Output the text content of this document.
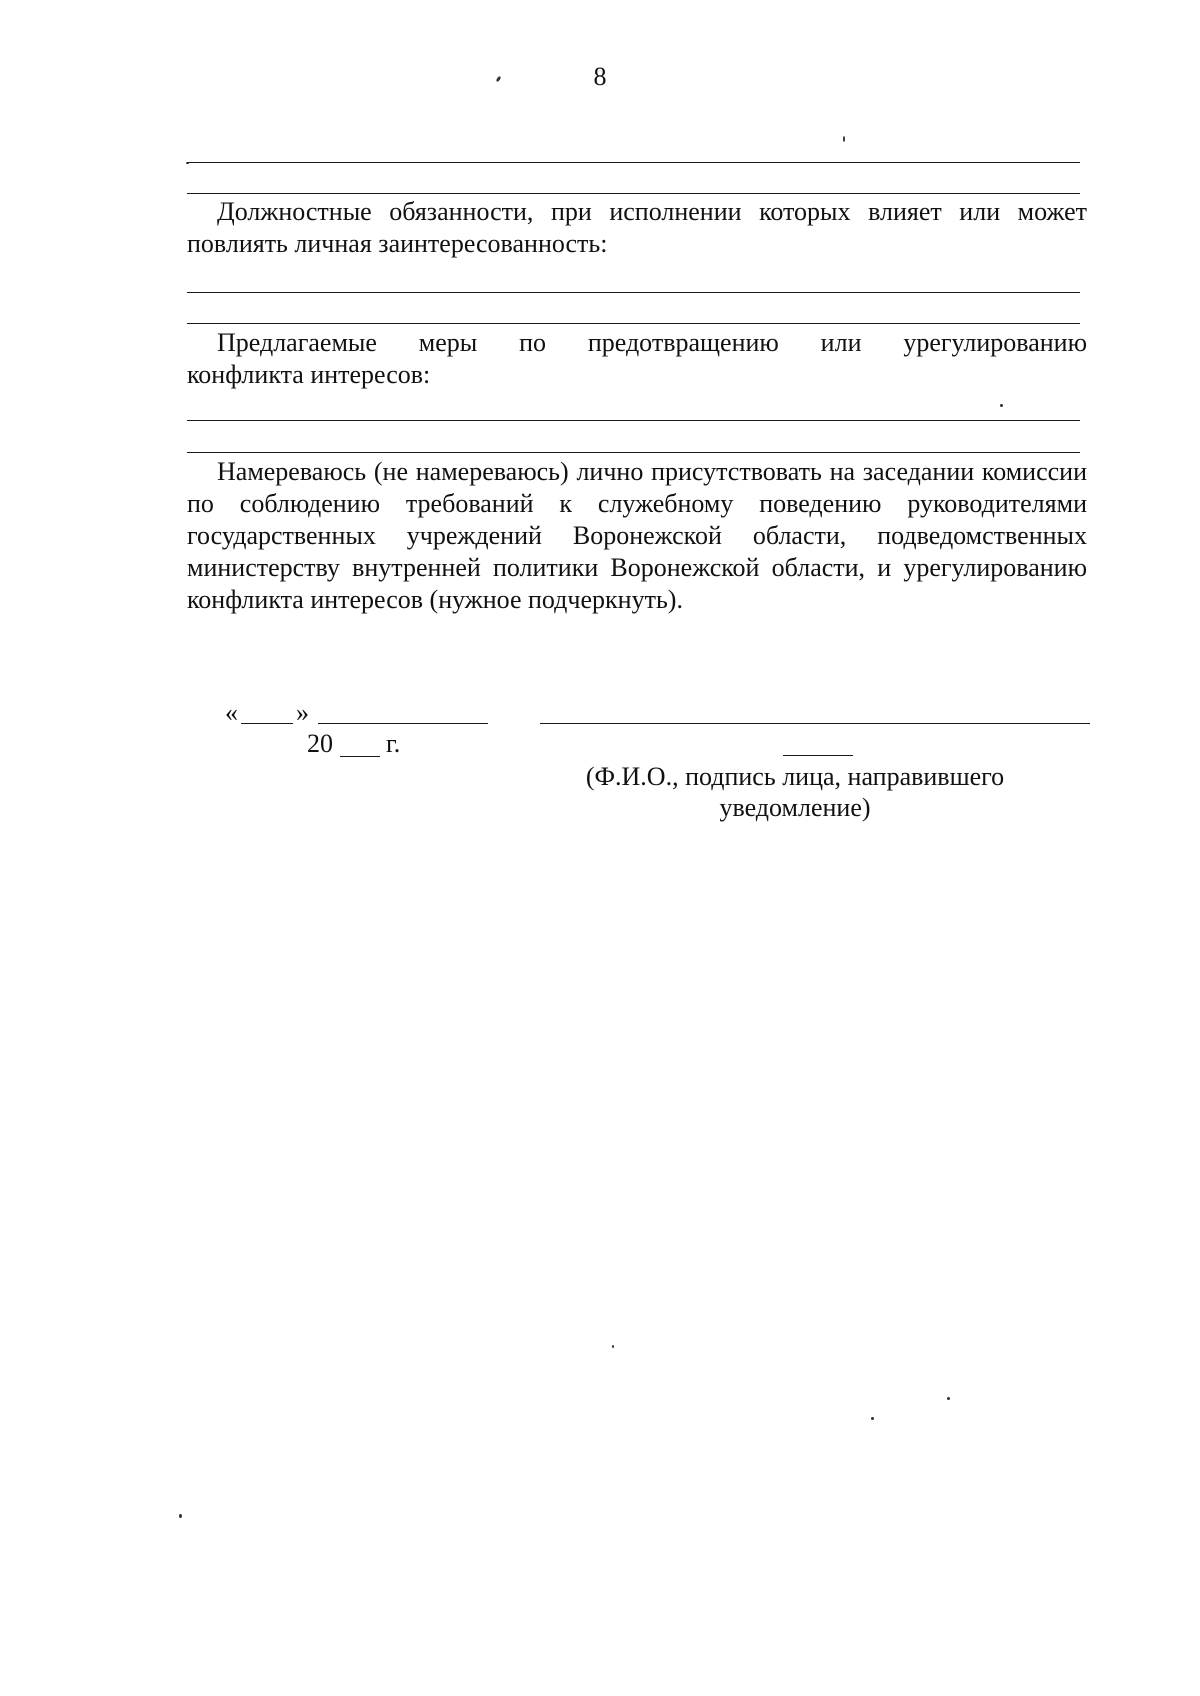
8
Должностные обязанности, при исполнении которых влияет или может повлиять личная заинтересованность:
Предлагаемые меры по предотвращению или урегулированию
конфликта интересов:
Намереваюсь (не намереваюсь) лично присутствовать на заседании комиссии по соблюдению требований к служебному поведению руководителями государственных учреждений Воронежской области, подведомственных министерству внутренней политики Воронежской области, и урегулированию конфликта интересов (нужное подчеркнуть).
« »
20 г.
(Ф.И.О., подпись лица, направившего уведомление)
